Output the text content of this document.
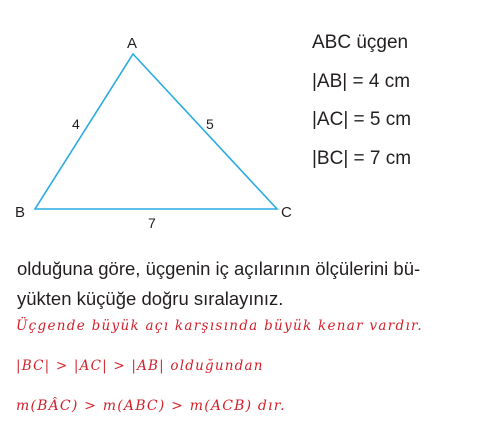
A
B	C
4	5
7
ABC üçgen
|AB| = 4 cm
|AC| = 5 cm
|BC| = 7 cm
olduğuna göre, üçgenin iç açılarının ölçülerini bü-
yükten küçüğe doğru sıralayınız.
Üçgende büyük açı karşısında büyük kenar vardır.
|BC| > |AC| > |AB| olduğundan
m(BÂC) > m(ABC) > m(ACB) dır.
